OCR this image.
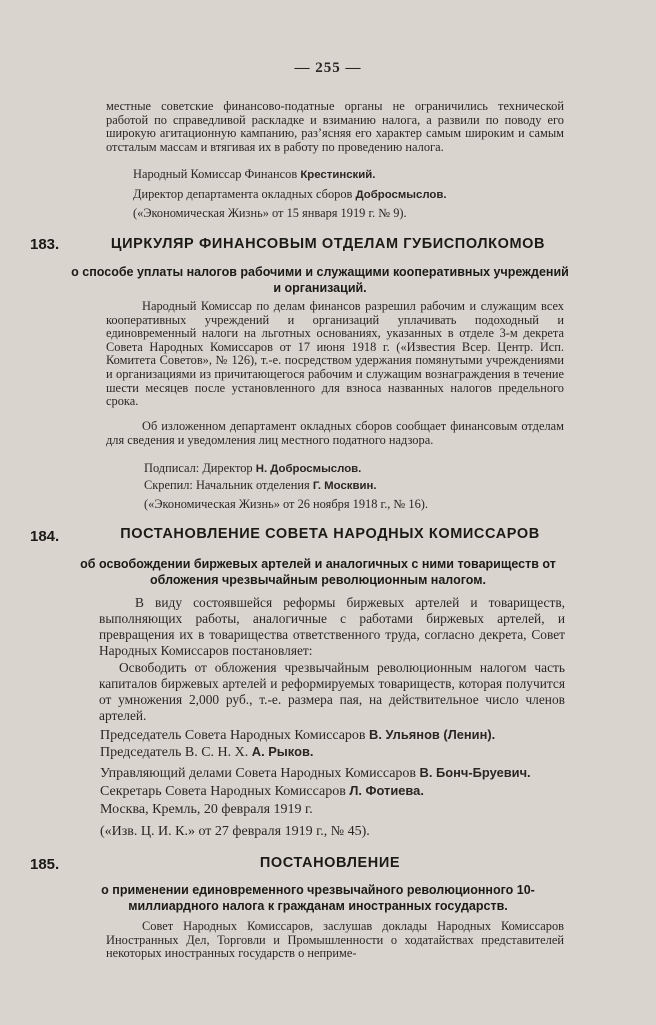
— 255 —

местные советские финансово-податные органы не ограничились технической работой по справедливой раскладке и взиманию налога, а развили по поводу его широкую агитационную кампанию, раз’ясняя его характер самым широким и самым отсталым массам и втягивая их в работу по проведению налога.

Народный Комиссар Финансов Крестинский.

Директор департамента окладных сборов Добросмыслов.

(«Экономическая Жизнь» от 15 января 1919 г. № 9).

183.	ЦИРКУЛЯР ФИНАНСОВЫМ ОТДЕЛАМ ГУБИСПОЛКОМОВ
о способе уплаты налогов рабочими и служащими кооперативных учреждений и организаций.

Народный Комиссар по делам финансов разрешил рабочим и служащим всех кооперативных учреждений и организаций уплачивать подоходный и единовременный налоги на льготных основаниях, указанных в отделе 3-м декрета Совета Народных Комиссаров от 17 июня 1918 г. («Известия Всер. Центр. Исп. Комитета Советов», № 126), т.-е. посредством удержания помянутыми учреждениями и организациями из причитающегося рабочим и служащим вознаграждения в течение шести месяцев после установленного для взноса названных налогов предельного срока.

Об изложенном департамент окладных сборов сообщает финансовым отделам для сведения и уведомления лиц местного податного надзора.

Подписал: Директор Н. Добросмыслов.

Скрепил: Начальник отделения Г. Москвин.

(«Экономическая Жизнь» от 26 ноября 1918 г., № 16).

184.	ПОСТАНОВЛЕНИЕ СОВЕТА НАРОДНЫХ КОМИССАРОВ
об освобождении биржевых артелей и аналогичных с ними товариществ от обложения чрезвычайным революционным налогом.

В виду состоявшейся реформы биржевых артелей и товариществ, выполняющих работы, аналогичные с работами биржевых артелей, и превращения их в товарищества ответственного труда, согласно декрета, Совет Народных Комиссаров постановляет:

Освободить от обложения чрезвычайным революционным налогом часть капиталов биржевых артелей и реформируемых товариществ, которая получится от умножения 2,000 руб., т.-е. размера пая, на действительное число членов артелей.

Председатель Совета Народных Комиссаров В. Ульянов (Ленин).

Председатель В. С. Н. Х. А. Рыков.

Управляющий делами Совета Народных Комиссаров В. Бонч-Бруевич.

Секретарь Совета Народных Комиссаров Л. Фотиева.

Москва, Кремль, 20 февраля 1919 г.

(«Изв. Ц. И. К.» от 27 февраля 1919 г., № 45).

185.	ПОСТАНОВЛЕНИЕ
о применении единовременного чрезвычайного революционного 10-миллиардного налога к гражданам иностранных государств.

Совет Народных Комиссаров, заслушав доклады Народных Комиссаров Иностранных Дел, Торговли и Промышленности о ходатайствах представителей некоторых иностранных государств о неприме-
